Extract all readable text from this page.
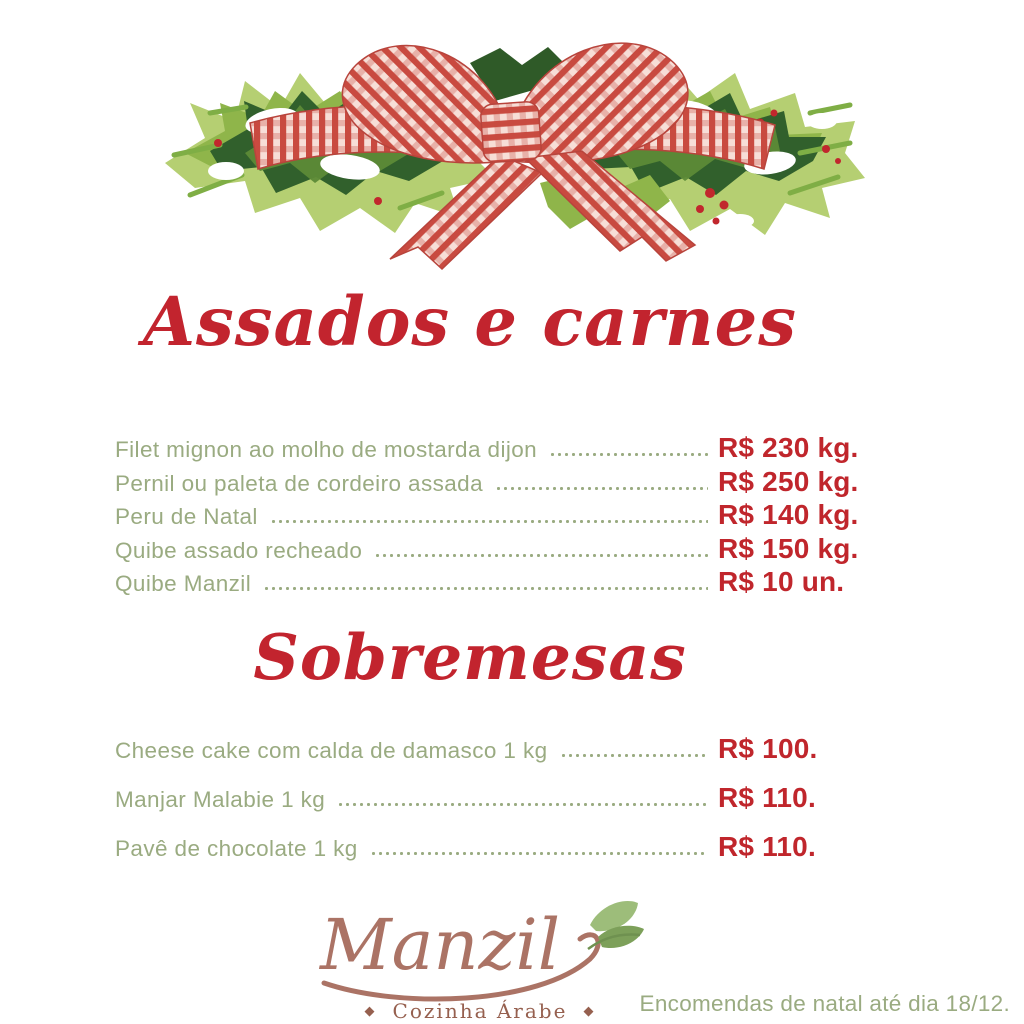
Assados e carnes
Filet mignon ao molho de mostarda dijon	R$ 230 kg.
Pernil ou paleta de cordeiro assada	R$ 250 kg.
Peru de Natal	R$ 140 kg.
Quibe assado recheado	R$ 150 kg.
Quibe Manzil	R$ 10 un.
Sobremesas
Cheese cake com calda de damasco 1 kg	R$ 100.
Manjar Malabie 1 kg	R$ 110.
Pavê de chocolate 1 kg	R$ 110.
Manzil
◆ Cozinha Árabe ◆ Encomendas de natal até dia 18/12.
